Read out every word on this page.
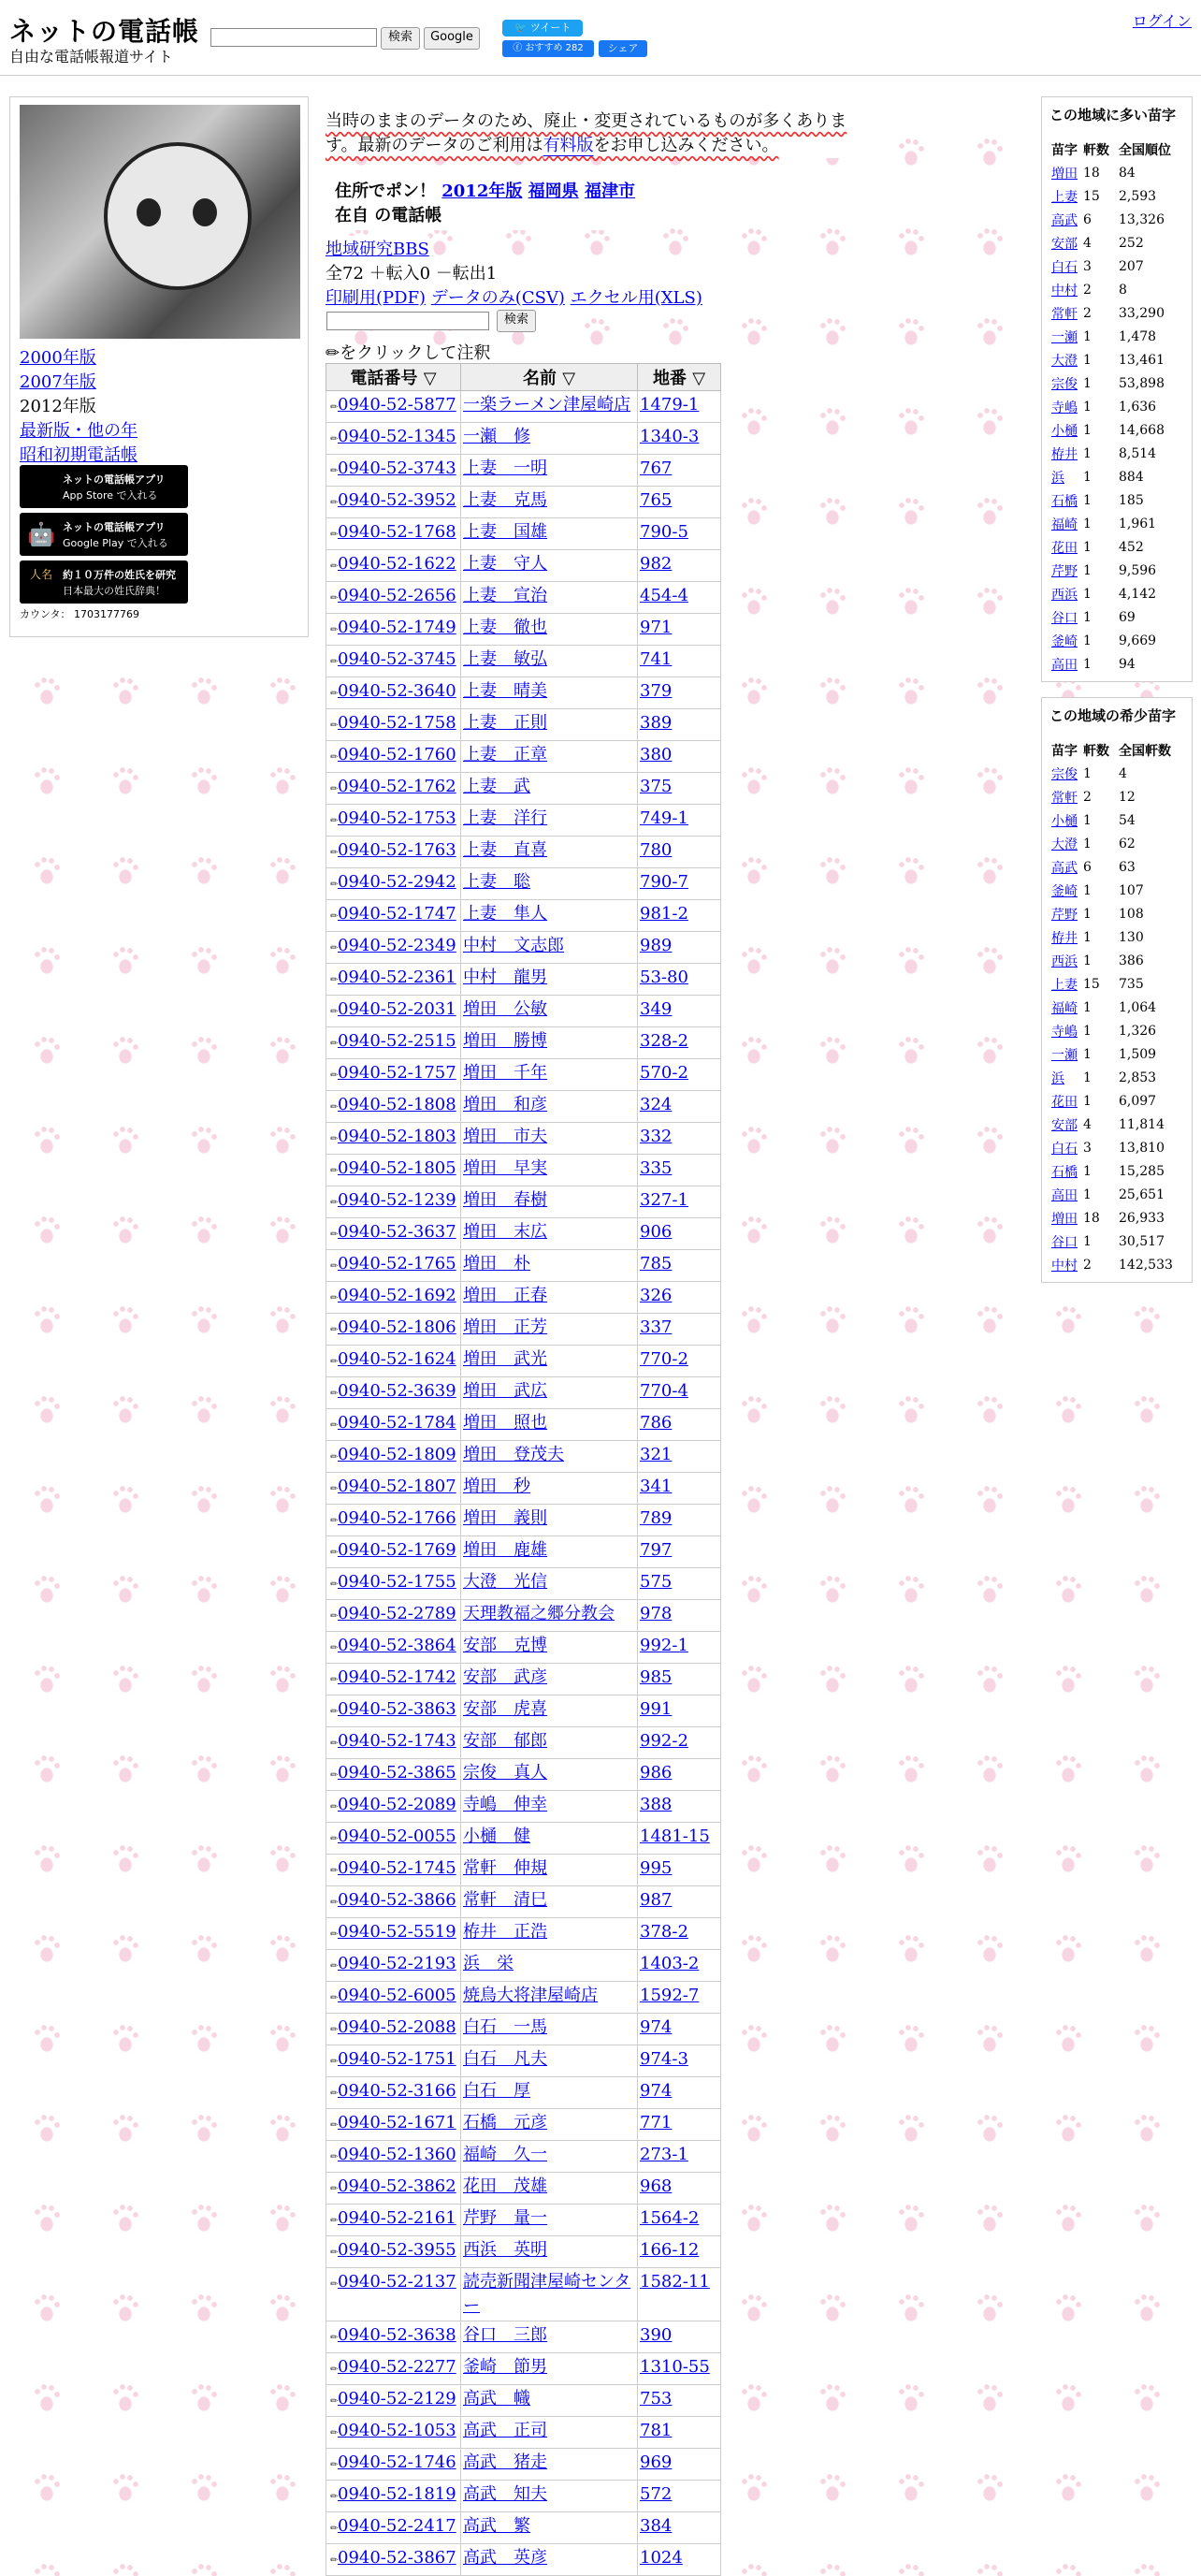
ネットの電話帳
自由な電話帳報道サイト
検索	Google
🐦 ツイート
ⓕ おすすめ 282	シェア
ログイン
2000年版
2007年版
2012年版
最新版・他の年
昭和初期電話帳
ネットの電話帳アプリ
App Store で入れる
🤖 ネットの電話帳アプリ
Google Play で入れる
人名 約１０万件の姓氏を研究
日本最大の姓氏辞典！
カウンタ： 1703177769
当時のままのデータのため、廃止・変更されているものが多くありま
す。最新のデータのご利用は有料版をお申し込みください。
住所でポン！ 2012年版 福岡県 福津市
在自 の電話帳
地域研究BBS
全72 ＋転入0 －転出1
印刷用(PDF) データのみ(CSV) エクセル用(XLS)
検索
✏をクリックして注釈
電話番号 ▽	名前 ▽	地番 ▽
✏0940-52-5877	一楽ラーメン津屋崎店	1479-1
✏0940-52-1345	一瀬　修	1340-3
✏0940-52-3743	上妻　一明	767
✏0940-52-3952	上妻　克馬	765
✏0940-52-1768	上妻　国雄	790-5
✏0940-52-1622	上妻　守人	982
✏0940-52-2656	上妻　宣治	454-4
✏0940-52-1749	上妻　徹也	971
✏0940-52-3745	上妻　敏弘	741
✏0940-52-3640	上妻　晴美	379
✏0940-52-1758	上妻　正則	389
✏0940-52-1760	上妻　正章	380
✏0940-52-1762	上妻　武	375
✏0940-52-1753	上妻　洋行	749-1
✏0940-52-1763	上妻　直喜	780
✏0940-52-2942	上妻　聡	790-7
✏0940-52-1747	上妻　隼人	981-2
✏0940-52-2349	中村　文志郎	989
✏0940-52-2361	中村　龍男	53-80
✏0940-52-2031	増田　公敏	349
✏0940-52-2515	増田　勝博	328-2
✏0940-52-1757	増田　千年	570-2
✏0940-52-1808	増田　和彦	324
✏0940-52-1803	増田　市夫	332
✏0940-52-1805	増田　早実	335
✏0940-52-1239	増田　春樹	327-1
✏0940-52-3637	増田　末広	906
✏0940-52-1765	増田　朴	785
✏0940-52-1692	増田　正春	326
✏0940-52-1806	増田　正芳	337
✏0940-52-1624	増田　武光	770-2
✏0940-52-3639	増田　武広	770-4
✏0940-52-1784	増田　照也	786
✏0940-52-1809	増田　登茂夫	321
✏0940-52-1807	増田　秒	341
✏0940-52-1766	増田　義則	789
✏0940-52-1769	増田　鹿雄	797
✏0940-52-1755	大澄　光信	575
✏0940-52-2789	天理教福之郷分教会	978
✏0940-52-3864	安部　克博	992-1
✏0940-52-1742	安部　武彦	985
✏0940-52-3863	安部　虎喜	991
✏0940-52-1743	安部　郁郎	992-2
✏0940-52-3865	宗俊　真人	986
✏0940-52-2089	寺嶋　伸幸	388
✏0940-52-0055	小樋　健	1481-15
✏0940-52-1745	常軒　伸規	995
✏0940-52-3866	常軒　清巳	987
✏0940-52-5519	栫井　正浩	378-2
✏0940-52-2193	浜　栄	1403-2
✏0940-52-6005	焼鳥大将津屋崎店	1592-7
✏0940-52-2088	白石　一馬	974
✏0940-52-1751	白石　凡夫	974-3
✏0940-52-3166	白石　厚	974
✏0940-52-1671	石橋　元彦	771
✏0940-52-1360	福崎　久一	273-1
✏0940-52-3862	花田　茂雄	968
✏0940-52-2161	芹野　量一	1564-2
✏0940-52-3955	西浜　英明	166-12
✏0940-52-2137	読売新聞津屋崎センター	1582-11
✏0940-52-3638	谷口　三郎	390
✏0940-52-2277	釜崎　節男	1310-55
✏0940-52-2129	高武　幟	753
✏0940-52-1053	高武　正司	781
✏0940-52-1746	高武　猪走	969
✏0940-52-1819	高武　知夫	572
✏0940-52-2417	高武　繁	384
✏0940-52-3867	高武　英彦	1024
この地域に多い苗字
苗字	軒数	全国順位
増田	18	84
上妻	15	2,593
高武	6	13,326
安部	4	252
白石	3	207
中村	2	8
常軒	2	33,290
一瀬	1	1,478
大澄	1	13,461
宗俊	1	53,898
寺嶋	1	1,636
小樋	1	14,668
栫井	1	8,514
浜	1	884
石橋	1	185
福崎	1	1,961
花田	1	452
芹野	1	9,596
西浜	1	4,142
谷口	1	69
釜崎	1	9,669
高田	1	94
この地域の希少苗字
苗字	軒数	全国軒数
宗俊	1	4
常軒	2	12
小樋	1	54
大澄	1	62
高武	6	63
釜崎	1	107
芹野	1	108
栫井	1	130
西浜	1	386
上妻	15	735
福崎	1	1,064
寺嶋	1	1,326
一瀬	1	1,509
浜	1	2,853
花田	1	6,097
安部	4	11,814
白石	3	13,810
石橋	1	15,285
高田	1	25,651
増田	18	26,933
谷口	1	30,517
中村	2	142,533
